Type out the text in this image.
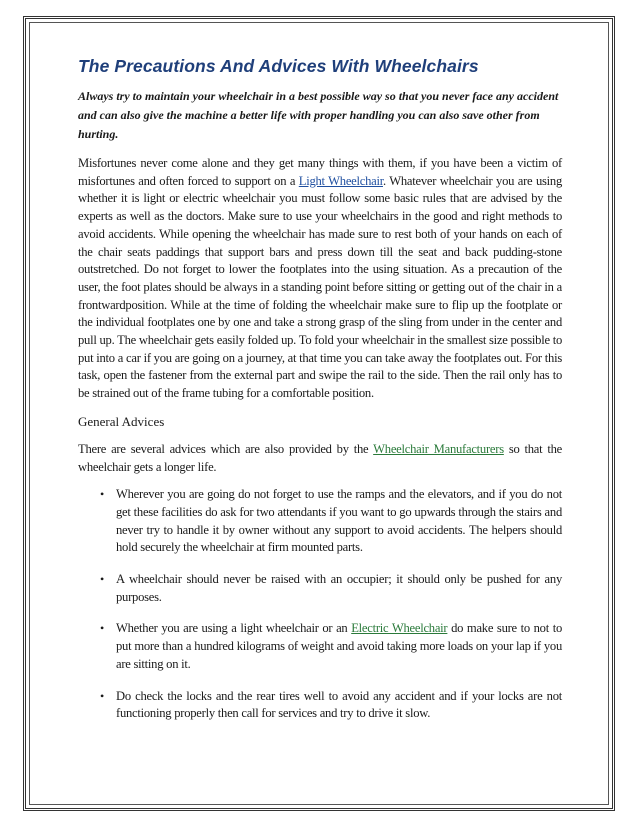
The Precautions And Advices With Wheelchairs

Always try to maintain your wheelchair in a best possible way so that you never face any accident and can also give the machine a better life with proper handling you can also save other from hurting.

Misfortunes never come alone and they get many things with them, if you have been a victim of misfortunes and often forced to support on a Light Wheelchair. Whatever wheelchair you are using whether it is light or electric wheelchair you must follow some basic rules that are advised by the experts as well as the doctors. Make sure to use your wheelchairs in the good and right methods to avoid accidents. While opening the wheelchair has made sure to rest both of your hands on each of the chair seats paddings that support bars and press down till the seat and back pudding-stone outstretched. Do not forget to lower the footplates into the using situation. As a precaution of the user, the foot plates should be always in a standing point before sitting or getting out of the chair in a frontwardposition. While at the time of folding the wheelchair make sure to flip up the footplate or the individual footplates one by one and take a strong grasp of the sling from under in the center and pull up. The wheelchair gets easily folded up. To fold your wheelchair in the smallest size possible to put into a car if you are going on a journey, at that time you can take away the footplates out. For this task, open the fastener from the external part and swipe the rail to the side. Then the rail only has to be strained out of the frame tubing for a comfortable position.

General Advices

There are several advices which are also provided by the Wheelchair Manufacturers so that the wheelchair gets a longer life.

• Wherever you are going do not forget to use the ramps and the elevators, and if you do not get these facilities do ask for two attendants if you want to go upwards through the stairs and never try to handle it by owner without any support to avoid accidents. The helpers should hold securely the wheelchair at firm mounted parts.
• A wheelchair should never be raised with an occupier; it should only be pushed for any purposes.
• Whether you are using a light wheelchair or an Electric Wheelchair do make sure to not to put more than a hundred kilograms of weight and avoid taking more loads on your lap if you are sitting on it.
• Do check the locks and the rear tires well to avoid any accident and if your locks are not functioning properly then call for services and try to drive it slow.
